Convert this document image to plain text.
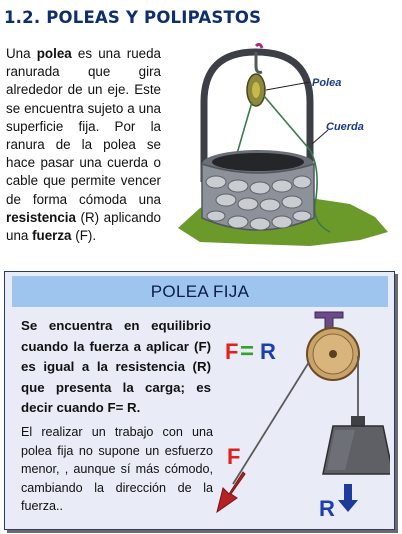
1.2. POLEAS Y POLIPASTOS
Una polea es una rueda ranurada que gira alrededor de un eje. Este se encuentra sujeto a una superficie fija. Por la ranura de la polea se hace pasar una cuerda o cable que permite vencer de forma cómoda una resistencia (R) aplicando una fuerza (F).
Polea
Cuerda
POLEA FIJA
Se encuentra en equilibrio cuando la fuerza a aplicar (F) es igual a la resistencia (R) que presenta la carga; es decir cuando F= R.
El realizar un trabajo con una polea fija no supone un esfuerzo menor, , aunque sí más cómodo, cambiando la dirección de la fuerza..
F = R
F
R
